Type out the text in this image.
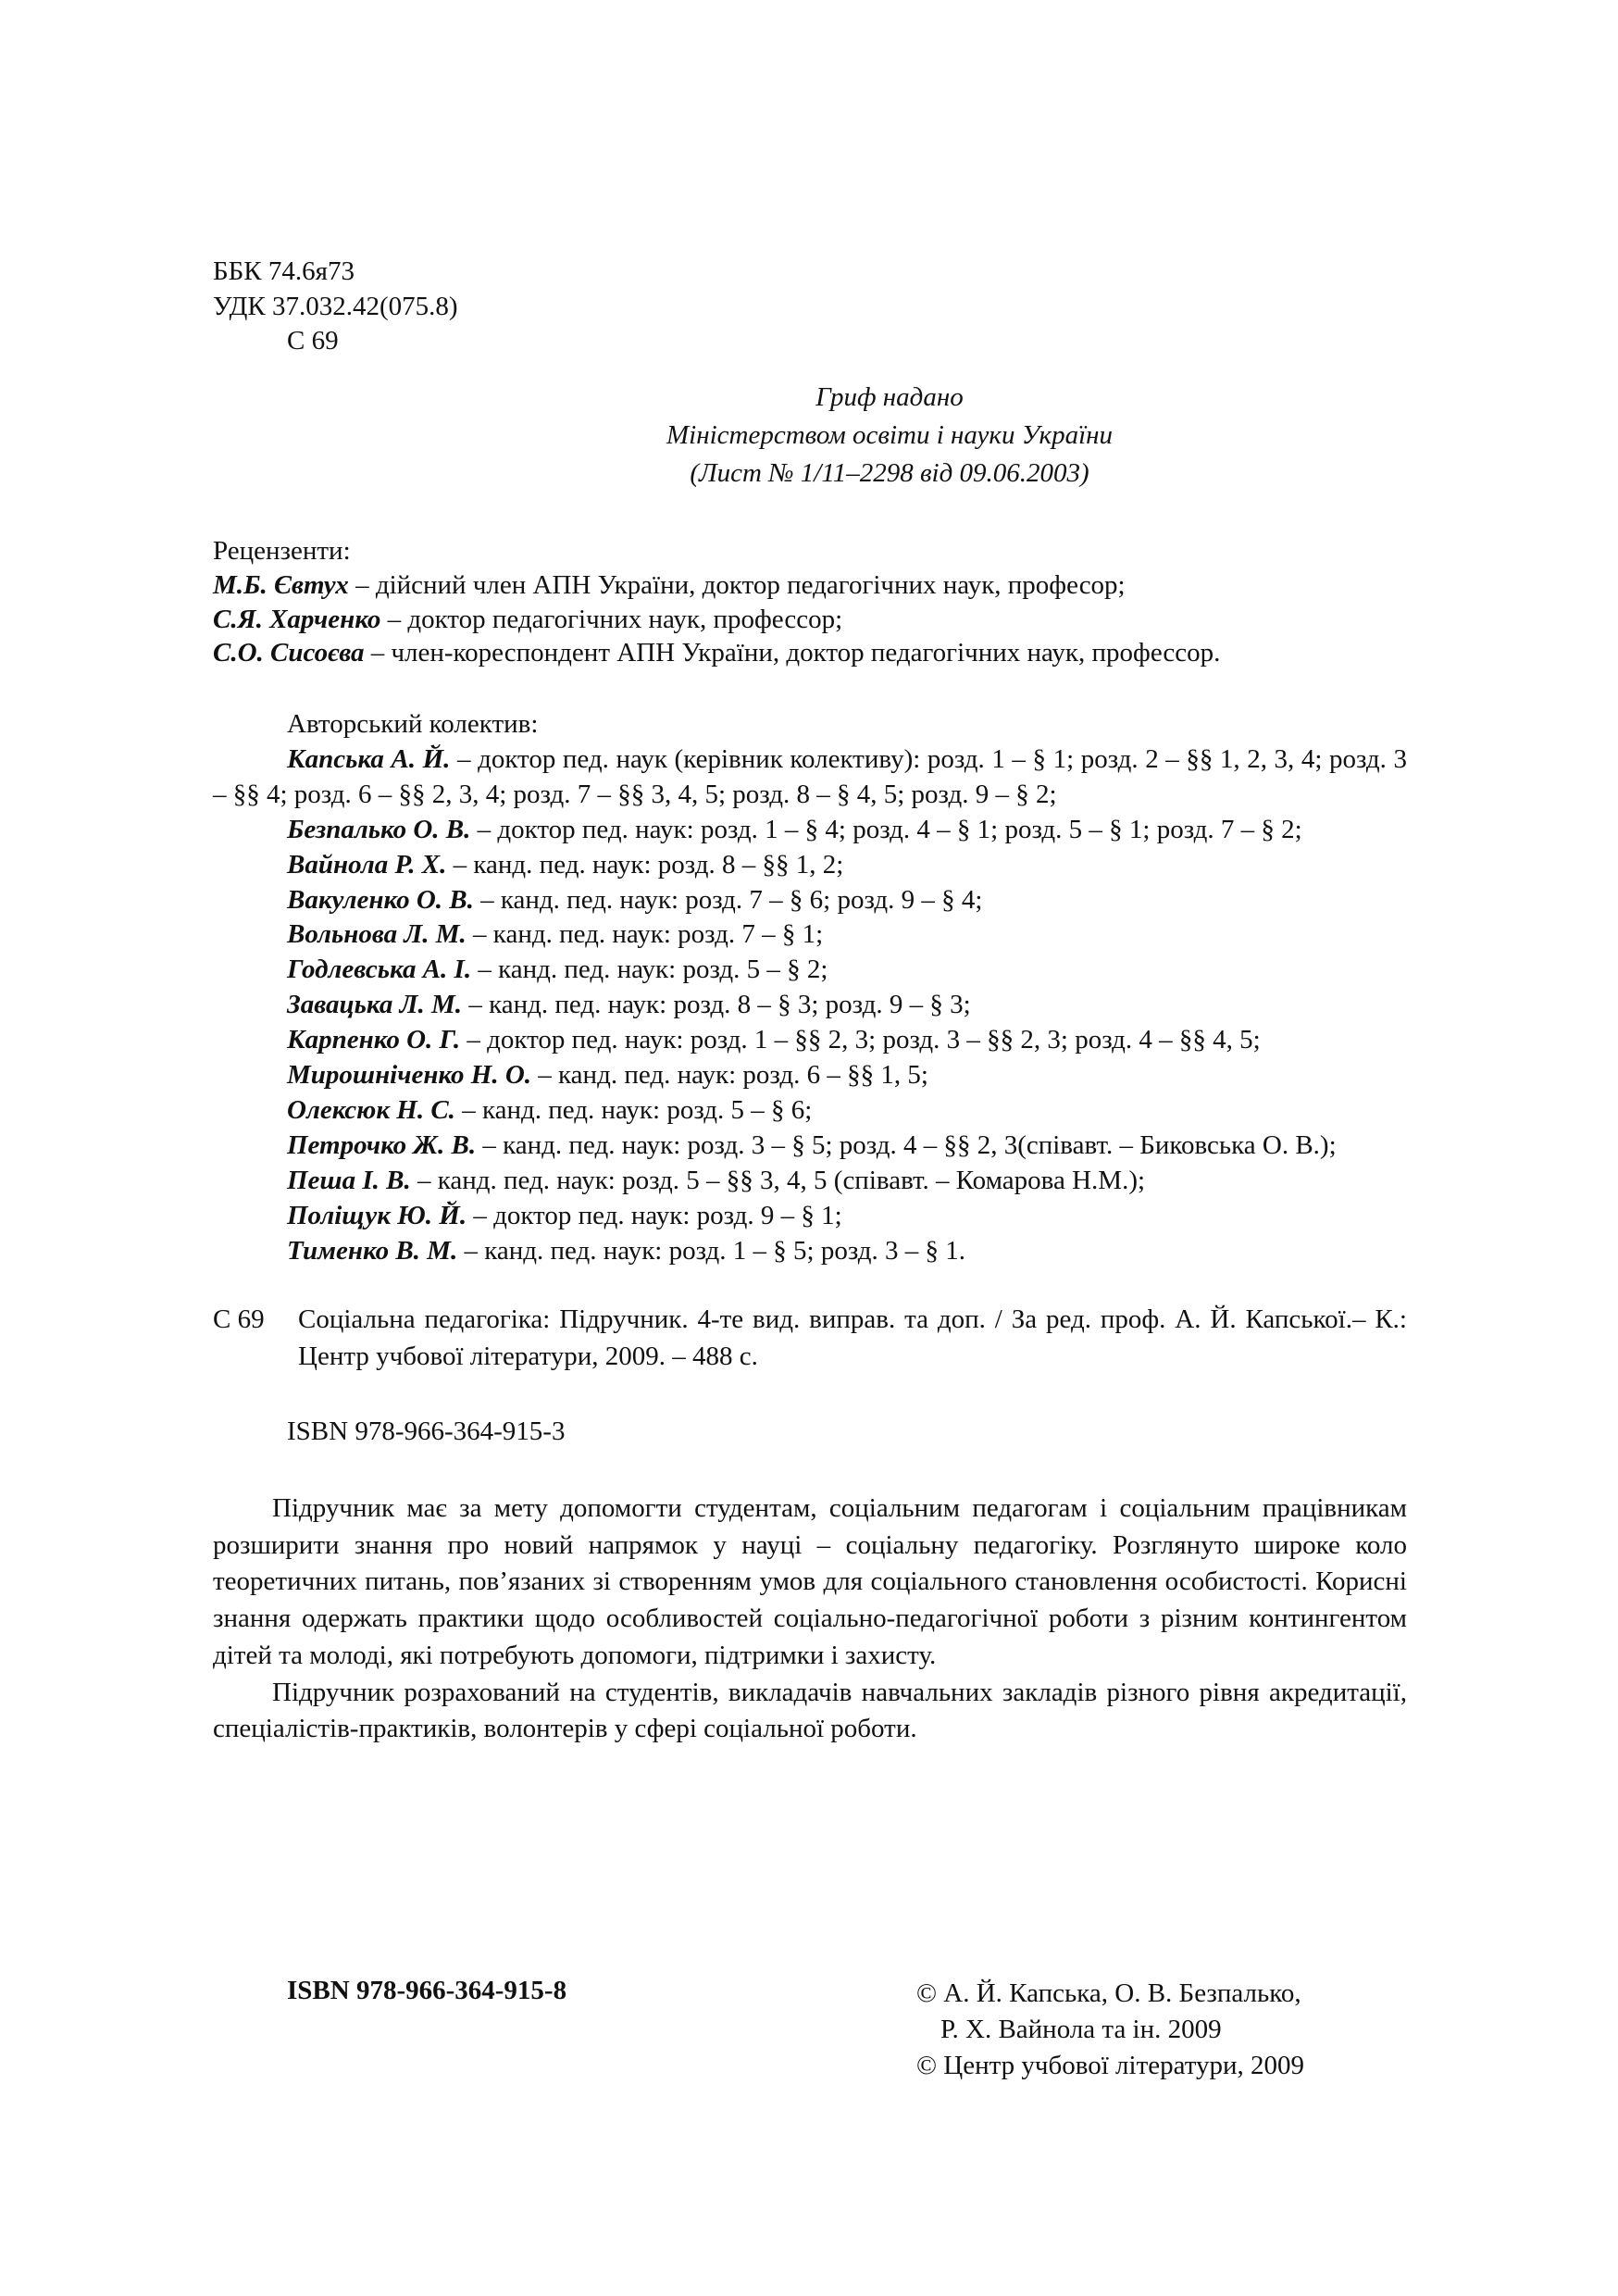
ББК 74.6я73
УДК 37.032.42(075.8)
С 69
Гриф надано
Міністерством освіти і науки України
(Лист № 1/11–2298 від 09.06.2003)
Рецензенти:
М.Б. Євтух – дійсний член АПН України, доктор педагогічних наук, професор;
С.Я. Харченко – доктор педагогічних наук, профессор;
С.О. Сисоєва – член-кореспондент АПН України, доктор педагогічних наук, профессор.
Авторський колектив:
Капська А. Й. – доктор пед. наук (керівник колективу): розд. 1 – § 1; розд. 2 – §§ 1, 2, 3, 4; розд. 3 – §§ 4; розд. 6 – §§ 2, 3, 4; розд. 7 – §§ 3, 4, 5; розд. 8 – § 4, 5; розд. 9 – § 2;
Безпалько О. В. – доктор пед. наук: розд. 1 – § 4; розд. 4 – § 1; розд. 5 – § 1; розд. 7 – § 2;
Вайнола Р. Х. – канд. пед. наук: розд. 8 – §§ 1, 2;
Вакуленко О. В. – канд. пед. наук: розд. 7 – § 6; розд. 9 – § 4;
Вольнова Л. М. – канд. пед. наук: розд. 7 – § 1;
Годлевська А. І. – канд. пед. наук: розд. 5 – § 2;
Завацька Л. М. – канд. пед. наук: розд. 8 – § 3; розд. 9 – § 3;
Карпенко О. Г. – доктор пед. наук: розд. 1 – §§ 2, 3; розд. 3 – §§ 2, 3; розд. 4 – §§ 4, 5;
Мирошніченко Н. О. – канд. пед. наук: розд. 6 – §§ 1, 5;
Олексюк Н. С. – канд. пед. наук: розд. 5 – § 6;
Петрочко Ж. В. – канд. пед. наук: розд. 3 – § 5; розд. 4 – §§ 2, 3(співавт. – Биковська О. В.);
Пеша І. В. – канд. пед. наук: розд. 5 – §§ 3, 4, 5 (співавт. – Комарова Н.М.);
Поліщук Ю. Й. – доктор пед. наук: розд. 9 – § 1;
Тименко В. М. – канд. пед. наук: розд. 1 – § 5; розд. 3 – § 1.
С 69	Соціальна педагогіка: Підручник. 4-те вид. виправ. та доп. / За ред. проф. А. Й. Капської.– К.: Центр учбової літератури, 2009. – 488 с.
ISBN 978-966-364-915-3

Підручник має за мету допомогти студентам, соціальним педагогам і соціальним працівникам розширити знання про новий напрямок у науці – соціальну педагогіку. Розглянуто широке коло теоретичних питань, пов’язаних зі створенням умов для соціального становлення особистості. Корисні знання одержать практики щодо особливостей соціально-педагогічної роботи з різним контингентом дітей та молоді, які потребують допомоги, підтримки і захисту.

Підручник розрахований на студентів, викладачів навчальних закладів різного рівня акредитації, спеціалістів-практиків, волонтерів у сфері соціальної роботи.

ISBN 978-966-364-915-8	© А. Й. Капська, О. В. Безпалько,
Р. Х. Вайнола та ін. 2009
© Центр учбової літератури, 2009
